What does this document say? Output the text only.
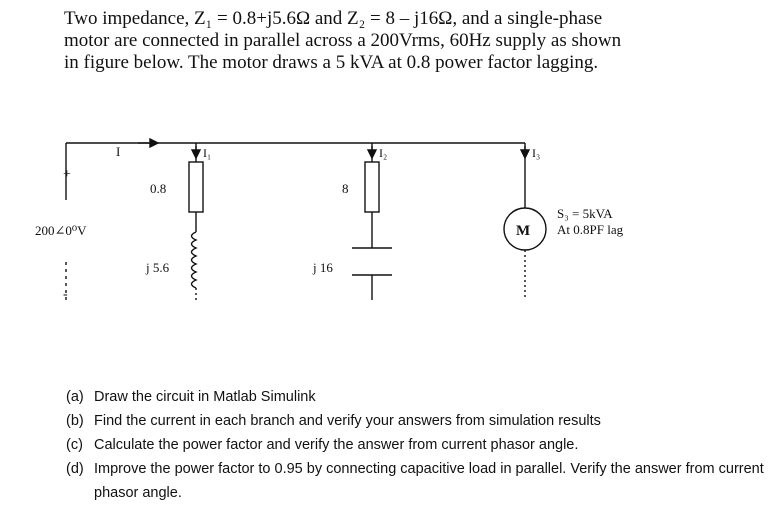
Two impedance, Z₁ = 0.8+j5.6Ω and Z₂ = 8 – j16Ω, and a single-phase motor are connected in parallel across a 200Vrms, 60Hz supply as shown in figure below. The motor draws a 5 kVA at 0.8 power factor lagging.

+
-
200∠0⁰V
I	I₁
0.8
j 5.6
I₂
8
j 16
I₃
M
S₃ = 5kVA
At 0.8PF lag
(a) Draw the circuit in Matlab Simulink
(b) Find the current in each branch and verify your answers from simulation results
(c) Calculate the power factor and verify the answer from current phasor angle.
(d) Improve the power factor to 0.95 by connecting capacitive load in parallel. Verify the answer from current phasor angle.
